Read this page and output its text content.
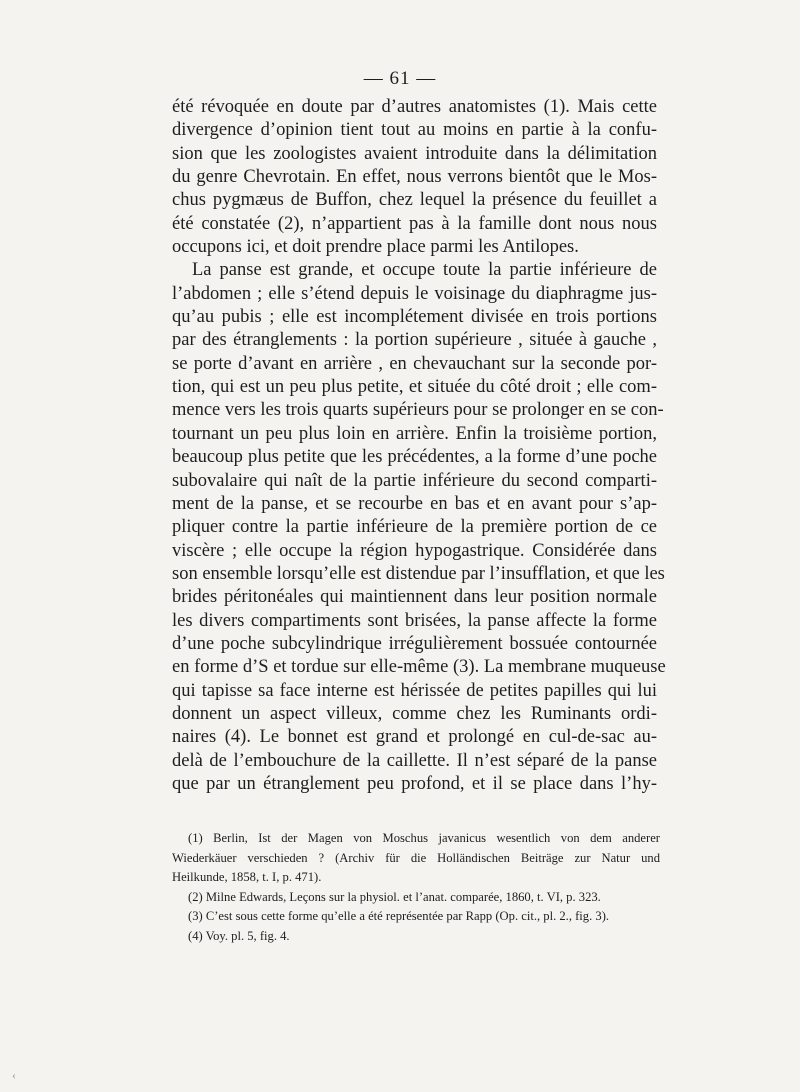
— 61 —

été révoquée en doute par d’autres anatomistes (1). Mais cette
divergence d’opinion tient tout au moins en partie à la confu-
sion que les zoologistes avaient introduite dans la délimitation
du genre Chevrotain. En effet, nous verrons bientôt que le Mos-
chus pygmæus de Buffon, chez lequel la présence du feuillet a
été constatée (2), n’appartient pas à la famille dont nous nous
occupons ici, et doit prendre place parmi les Antilopes.

La panse est grande, et occupe toute la partie inférieure de
l’abdomen ; elle s’étend depuis le voisinage du diaphragme jus-
qu’au pubis ; elle est incomplétement divisée en trois portions
par des étranglements : la portion supérieure , située à gauche ,
se porte d’avant en arrière , en chevauchant sur la seconde por-
tion, qui est un peu plus petite, et située du côté droit ; elle com-
mence vers les trois quarts supérieurs pour se prolonger en se con-
tournant un peu plus loin en arrière. Enfin la troisième portion,
beaucoup plus petite que les précédentes, a la forme d’une poche
subovalaire qui naît de la partie inférieure du second comparti-
ment de la panse, et se recourbe en bas et en avant pour s’ap-
pliquer contre la partie inférieure de la première portion de ce
viscère ; elle occupe la région hypogastrique. Considérée dans
son ensemble lorsqu’elle est distendue par l’insufflation, et que les
brides péritonéales qui maintiennent dans leur position normale
les divers compartiments sont brisées, la panse affecte la forme
d’une poche subcylindrique irrégulièrement bossuée contournée
en forme d’S et tordue sur elle-même (3). La membrane muqueuse
qui tapisse sa face interne est hérissée de petites papilles qui lui
donnent un aspect villeux, comme chez les Ruminants ordi-
naires (4). Le bonnet est grand et prolongé en cul-de-sac au-
delà de l’embouchure de la caillette. Il n’est séparé de la panse
que par un étranglement peu profond, et il se place dans l’hy-

(1) Berlin, Ist der Magen von Moschus javanicus wesentlich von dem anderer
Wiederkäuer verschieden ? (Archiv für die Holländischen Beiträge zur Natur und
Heilkunde, 1858, t. I, p. 471).
(2) Milne Edwards, Leçons sur la physiol. et l’anat. comparée, 1860, t. VI, p. 323.
(3) C’est sous cette forme qu’elle a été représentée par Rapp (Op. cit., pl. 2., fig. 3).
(4) Voy. pl. 5, fig. 4.
‹
